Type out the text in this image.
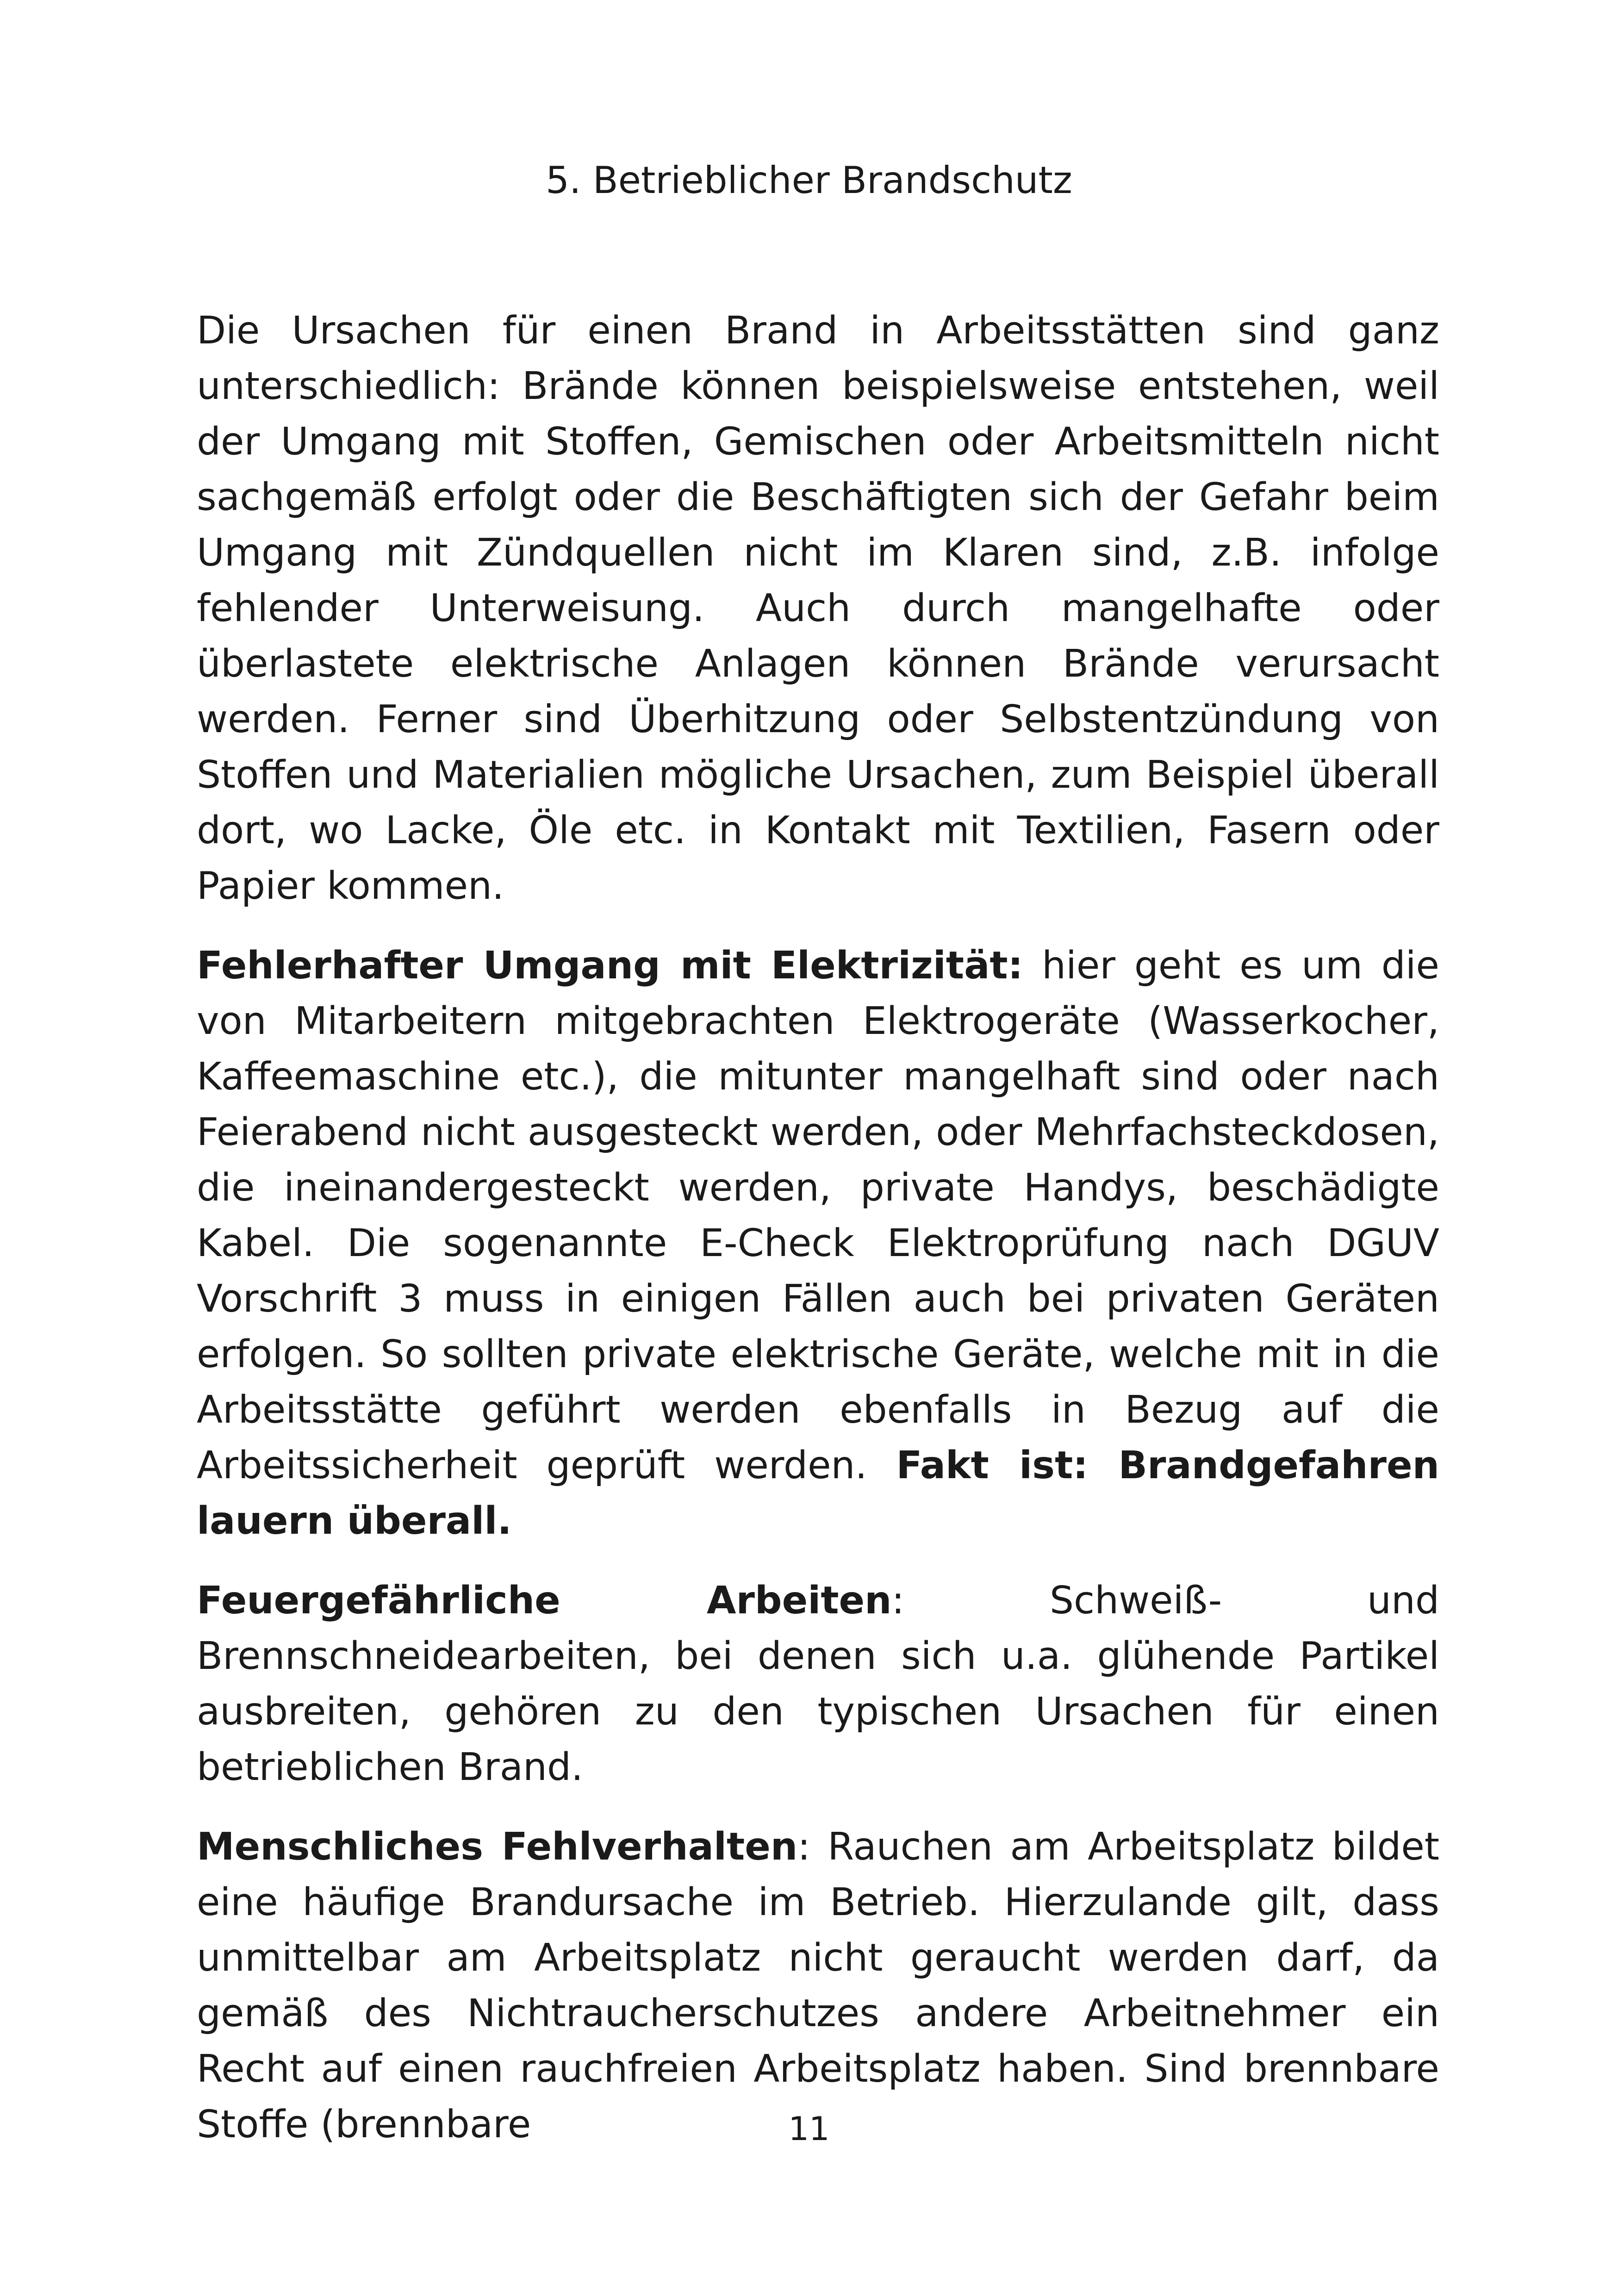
5. Betrieblicher Brandschutz

Die Ursachen für einen Brand in Arbeitsstätten sind ganz unterschiedlich: Brände können beispielsweise entstehen, weil der Umgang mit Stoffen, Gemischen oder Arbeitsmitteln nicht sachgemäß erfolgt oder die Beschäftigten sich der Gefahr beim Umgang mit Zündquellen nicht im Klaren sind, z.B. infolge fehlender Unterweisung. Auch durch mangelhafte oder überlastete elektrische Anlagen können Brände verursacht werden. Ferner sind Überhitzung oder Selbstentzündung von Stoffen und Materialien mögliche Ursachen, zum Beispiel überall dort, wo Lacke, Öle etc. in Kontakt mit Textilien, Fasern oder Papier kommen.

Fehlerhafter Umgang mit Elektrizität: hier geht es um die von Mitarbeitern mitgebrachten Elektrogeräte (Wasserkocher, Kaffeemaschine etc.), die mitunter mangelhaft sind oder nach Feierabend nicht ausgesteckt werden, oder Mehrfachsteckdosen, die ineinandergesteckt werden, private Handys, beschädigte Kabel. Die sogenannte E-Check Elektroprüfung nach DGUV Vorschrift 3 muss in einigen Fällen auch bei privaten Geräten erfolgen. So sollten private elektrische Geräte, welche mit in die Arbeitsstätte geführt werden ebenfalls in Bezug auf die Arbeitssicherheit geprüft werden. Fakt ist: Brandgefahren lauern überall.

Feuergefährliche Arbeiten: Schweiß- und Brennschneidearbeiten, bei denen sich u.a. glühende Partikel ausbreiten, gehören zu den typischen Ursachen für einen betrieblichen Brand.

Menschliches Fehlverhalten: Rauchen am Arbeitsplatz bildet eine häufige Brandursache im Betrieb. Hierzulande gilt, dass unmittelbar am Arbeitsplatz nicht geraucht werden darf, da gemäß des Nichtraucherschutzes andere Arbeitnehmer ein Recht auf einen rauchfreien Arbeitsplatz haben. Sind brennbare Stoffe (brennbare	11
